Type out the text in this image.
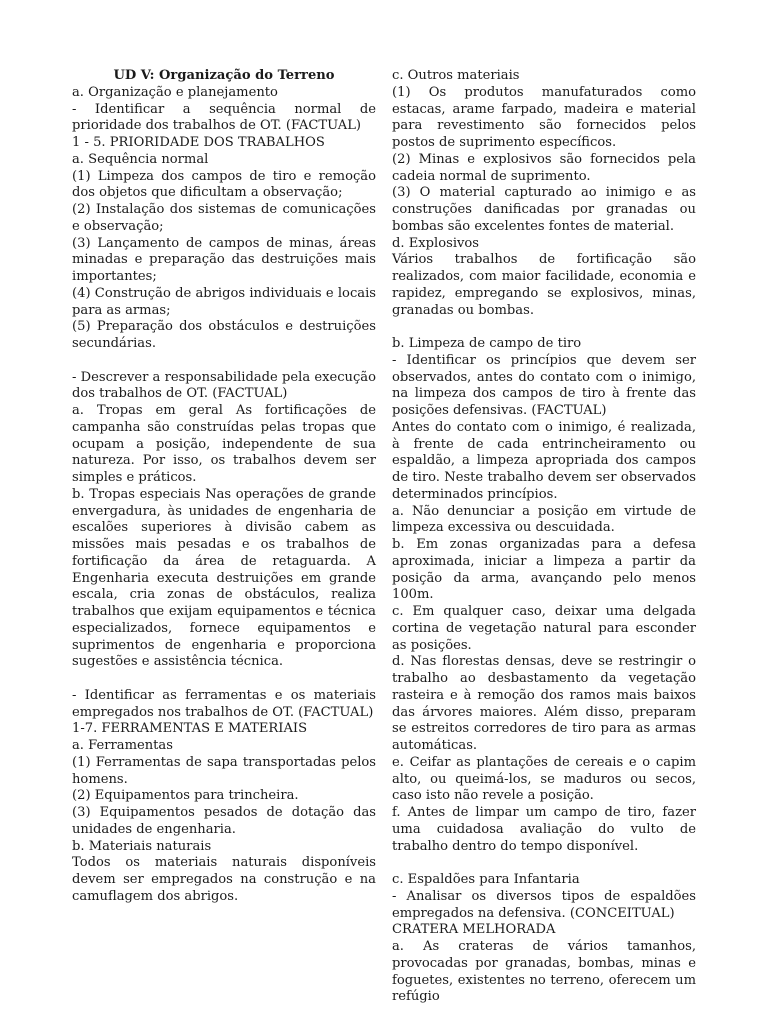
UD V: Organização do Terreno

a. Organização e planejamento

- Identificar a sequência normal de prioridade dos trabalhos de OT. (FACTUAL)

1 - 5. PRIORIDADE DOS TRABALHOS

a. Sequência normal

(1) Limpeza dos campos de tiro e remoção dos objetos que dificultam a observação;

(2) Instalação dos sistemas de comunicações e observação;

(3) Lançamento de campos de minas, áreas minadas e preparação das destruições mais importantes;

(4) Construção de abrigos individuais e locais para as armas;

(5) Preparação dos obstáculos e destruições secundárias.

- Descrever a responsabilidade pela execução dos trabalhos de OT. (FACTUAL)

a. Tropas em geral As fortificações de campanha são construídas pelas tropas que ocupam a posição, independente de sua natureza. Por isso, os trabalhos devem ser simples e práticos.

b. Tropas especiais Nas operações de grande envergadura, às unidades de engenharia de escalões superiores à divisão cabem as missões mais pesadas e os trabalhos de fortificação da área de retaguarda. A Engenharia executa destruições em grande escala, cria zonas de obstáculos, realiza trabalhos que exijam equipamentos e técnica especializados, fornece equipamentos e suprimentos de engenharia e proporciona sugestões e assistência técnica.

- Identificar as ferramentas e os materiais empregados nos trabalhos de OT. (FACTUAL)

1-7. FERRAMENTAS E MATERIAIS

a. Ferramentas

(1) Ferramentas de sapa transportadas pelos homens.

(2) Equipamentos para trincheira.

(3) Equipamentos pesados de dotação das unidades de engenharia.

b. Materiais naturais

Todos os materiais naturais disponíveis devem ser empregados na construção e na camuflagem dos abrigos.

c. Outros materiais

(1) Os produtos manufaturados como estacas, arame farpado, madeira e material para revestimento são fornecidos pelos postos de suprimento específicos.

(2) Minas e explosivos são fornecidos pela cadeia normal de suprimento.

(3) O material capturado ao inimigo e as construções danificadas por granadas ou bombas são excelentes fontes de material.

d. Explosivos

Vários trabalhos de fortificação são realizados, com maior facilidade, economia e rapidez, empregando se explosivos, minas, granadas ou bombas.

b. Limpeza de campo de tiro

- Identificar os princípios que devem ser observados, antes do contato com o inimigo, na limpeza dos campos de tiro à frente das posições defensivas. (FACTUAL)

Antes do contato com o inimigo, é realizada, à frente de cada entrincheiramento ou espaldão, a limpeza apropriada dos campos de tiro. Neste trabalho devem ser observados determinados princípios.

a. Não denunciar a posição em virtude de limpeza excessiva ou descuidada.

b. Em zonas organizadas para a defesa aproximada, iniciar a limpeza a partir da posição da arma, avançando pelo menos 100m.

c. Em qualquer caso, deixar uma delgada cortina de vegetação natural para esconder as posições.

d. Nas florestas densas, deve se restringir o trabalho ao desbastamento da vegetação rasteira e à remoção dos ramos mais baixos das árvores maiores. Além disso, preparam se estreitos corredores de tiro para as armas automáticas.

e. Ceifar as plantações de cereais e o capim alto, ou queimá-los, se maduros ou secos, caso isto não revele a posição.

f. Antes de limpar um campo de tiro, fazer uma cuidadosa avaliação do vulto de trabalho dentro do tempo disponível.

c. Espaldões para Infantaria

- Analisar os diversos tipos de espaldões empregados na defensiva. (CONCEITUAL)

CRATERA MELHORADA

a. As crateras de vários tamanhos, provocadas por granadas, bombas, minas e foguetes, existentes no terreno, oferecem um refúgio
